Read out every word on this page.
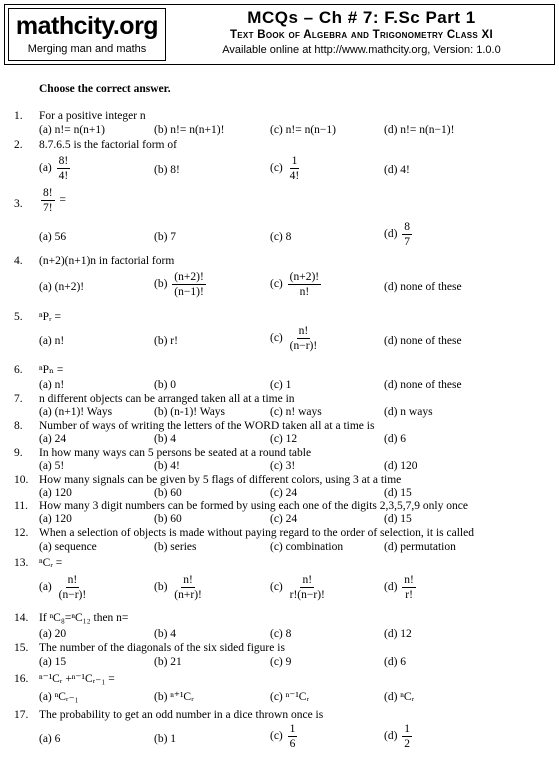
mathcity.org
Merging man and maths
MCQs – Ch # 7: F.Sc Part 1
Text Book of Algebra and Trigonometry Class XI
Available online at http://www.mathcity.org, Version: 1.0.0
Choose the correct answer.
1.	For a positive integer n
(a) n!= n(n+1)	(b) n!= n(n+1)!	(c) n!= n(n−1)	(d) n!= n(n−1)!
2.	8.7.6.5 is the factorial form of
$(a) \frac{8!}{4!}$	(b) 8!	$(c) \frac{1}{4!}$	(d) 4!
3.	$\frac{8!}{7!}$ =
(a) 56	(b) 7	(c) 8	$(d) \frac{8}{7}$
4.	(n+2)(n+1)n in factorial form
(a) (n+2)!	$(b) \frac{(n+2)!}{(n-1)!}$	$(c) \frac{(n+2)!}{n!}$	(d) none of these
5.	ⁿPᵣ =
(a) n!	(b) r!	$(c) \frac{n!}{(n-r)!}$	(d) none of these
6.	ⁿPₙ =
(a) n!	(b) 0	(c) 1	(d) none of these
7.	n different objects can be arranged taken all at a time in
(a) (n+1)! Ways	(b) (n-1)! Ways	(c) n! ways	(d) n ways
8.	Number of ways of writing the letters of the WORD taken all at a time is
(a) 24	(b) 4	(c) 12	(d) 6
9.	In how many ways can 5 persons be seated at a round table
(a) 5!	(b) 4!	(c) 3!	(d) 120
10. How many signals can be given by 5 flags of different colors, using 3 at a time
(a) 120	(b) 60	(c) 24	(d) 15
11. How many 3 digit numbers can be formed by using each one of the digits 2,3,5,7,9 only once
(a) 120	(b) 60	(c) 24	(d) 15
12. When a selection of objects is made without paying regard to the order of selection, it is called
(a) sequence	(b) series	(c) combination	(d) permutation
13. ⁿCᵣ =
$(a) \frac{n!}{(n-r)!}$	$(b) \frac{n!}{(n+r)!}$	$(c) \frac{n!}{r!(n-r)!}$	$(d) \frac{n!}{r!}$
14. If ⁿC₈=ⁿC₁₂ then n=
(a) 20	(b) 4	(c) 8	(d) 12
15. The number of the diagonals of the six sided figure is
(a) 15	(b) 21	(c) 9	(d) 6
16. ⁿ⁻¹Cᵣ +ⁿ⁻¹Cᵣ₋₁ =
(a) ⁿCᵣ₋₁	(b) ⁿ⁺¹Cᵣ	(c) ⁿ⁻¹Cᵣ	(d) ⁿCᵣ
17. The probability to get an odd number in a dice thrown once is
(a) 6	(b) 1	$(c) \frac{1}{6}$	$(d) \frac{1}{2}$
